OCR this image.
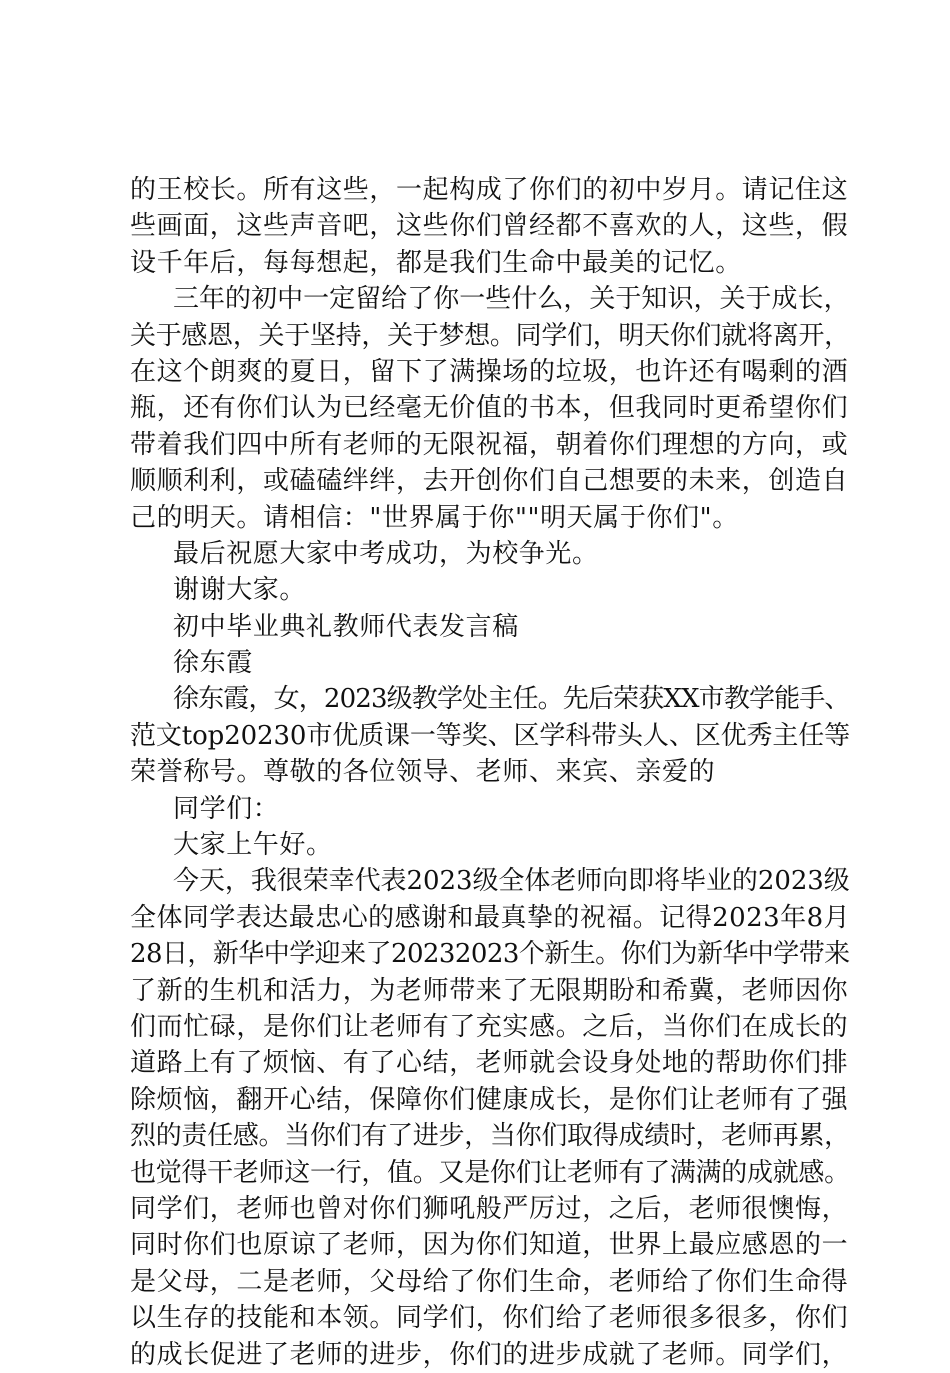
的王校长。所有这些，一起构成了你们的初中岁月。请记住这
些画面，这些声音吧，这些你们曾经都不喜欢的人，这些，假
设千年后，每每想起，都是我们生命中最美的记忆。
三年的初中一定留给了你一些什么，关于知识，关于成长，
关于感恩，关于坚持，关于梦想。同学们，明天你们就将离开，
在这个朗爽的夏日，留下了满操场的垃圾，也许还有喝剩的酒
瓶，还有你们认为已经毫无价值的书本，但我同时更希望你们
带着我们四中所有老师的无限祝福，朝着你们理想的方向，或
顺顺利利，或磕磕绊绊，去开创你们自己想要的未来，创造自
己的明天。请相信："世界属于你""明天属于你们"。
最后祝愿大家中考成功，为校争光。
谢谢大家。
初中毕业典礼教师代表发言稿
徐东霞
徐东霞，女，2023级教学处主任。先后荣获XX市教学能手、
范文top20230市优质课一等奖、区学科带头人、区优秀主任等
荣誉称号。尊敬的各位领导、老师、来宾、亲爱的
同学们：
大家上午好。
今天，我很荣幸代表2023级全体老师向即将毕业的2023级
全体同学表达最忠心的感谢和最真挚的祝福。记得2023年8月
28日，新华中学迎来了20232023个新生。你们为新华中学带来
了新的生机和活力，为老师带来了无限期盼和希冀，老师因你
们而忙碌，是你们让老师有了充实感。之后，当你们在成长的
道路上有了烦恼、有了心结，老师就会设身处地的帮助你们排
除烦恼，翻开心结，保障你们健康成长，是你们让老师有了强
烈的责任感。当你们有了进步，当你们取得成绩时，老师再累，
也觉得干老师这一行，值。又是你们让老师有了满满的成就感。
同学们，老师也曾对你们狮吼般严厉过，之后，老师很懊悔，
同时你们也原谅了老师，因为你们知道，世界上最应感恩的一
是父母，二是老师，父母给了你们生命，老师给了你们生命得
以生存的技能和本领。同学们，你们给了老师很多很多，你们
的成长促进了老师的进步，你们的进步成就了老师。同学们，
